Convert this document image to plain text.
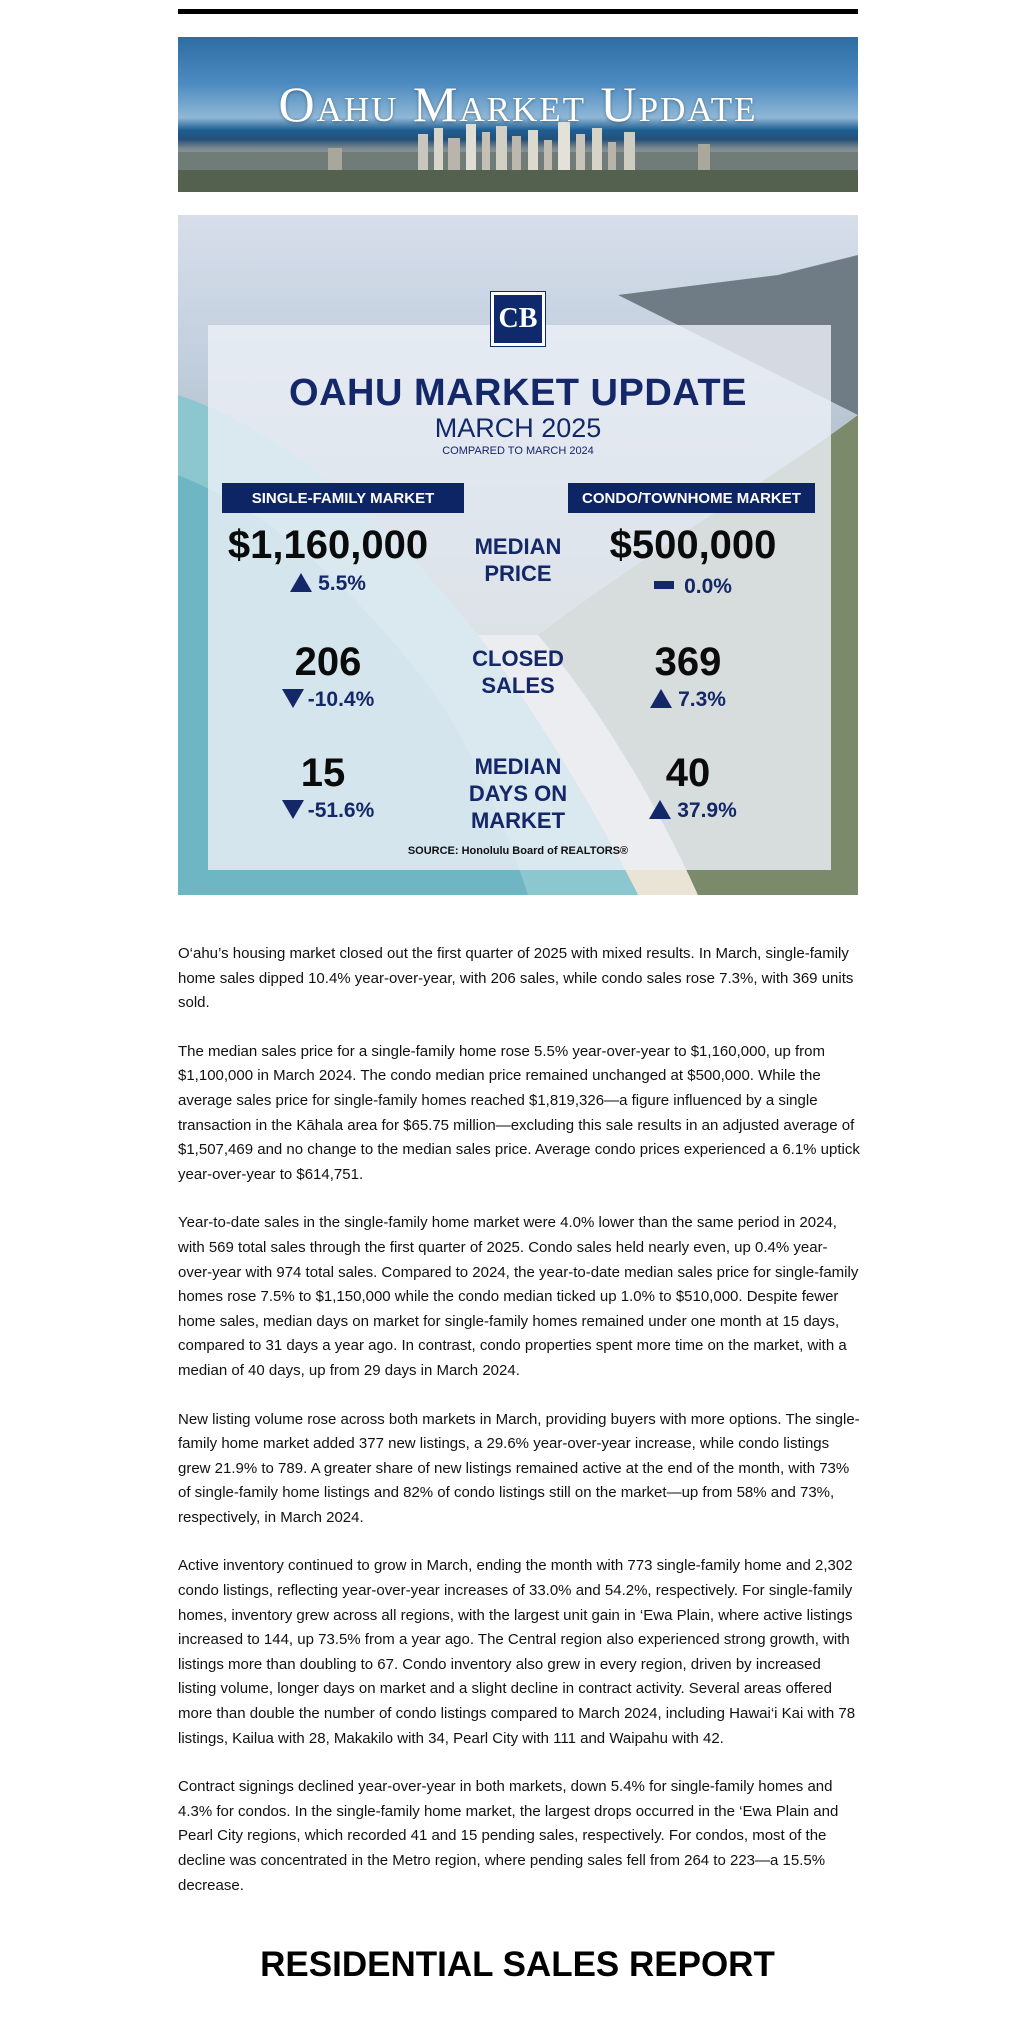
Oahu Market Update
CB
OAHU MARKET UPDATE
MARCH 2025
COMPARED TO MARCH 2024
SINGLE-FAMILY MARKET	CONDO/TOWNHOME MARKET
MEDIAN
PRICE
$1,160,000
5.5%
$500,000
0.0%
CLOSED
SALES
206
-10.4%
369
7.3%
MEDIAN
DAYS ON
MARKET
15
-51.6%
40
37.9%
SOURCE: Honolulu Board of REALTORS®

O‘ahu’s housing market closed out the first quarter of 2025 with mixed results. In March, single-family home sales dipped 10.4% year-over-year, with 206 sales, while condo sales rose 7.3%, with 369 units sold.

The median sales price for a single-family home rose 5.5% year-over-year to $1,160,000, up from $1,100,000 in March 2024. The condo median price remained unchanged at $500,000. While the average sales price for single-family homes reached $1,819,326—a figure influenced by a single transaction in the Kāhala area for $65.75 million—excluding this sale results in an adjusted average of $1,507,469 and no change to the median sales price. Average condo prices experienced a 6.1% uptick year-over-year to $614,751.

Year-to-date sales in the single-family home market were 4.0% lower than the same period in 2024, with 569 total sales through the first quarter of 2025. Condo sales held nearly even, up 0.4% year-over-year with 974 total sales. Compared to 2024, the year-to-date median sales price for single-family homes rose 7.5% to $1,150,000 while the condo median ticked up 1.0% to $510,000. Despite fewer home sales, median days on market for single-family homes remained under one month at 15 days, compared to 31 days a year ago. In contrast, condo properties spent more time on the market, with a median of 40 days, up from 29 days in March 2024.

New listing volume rose across both markets in March, providing buyers with more options. The single-family home market added 377 new listings, a 29.6% year-over-year increase, while condo listings grew 21.9% to 789. A greater share of new listings remained active at the end of the month, with 73% of single-family home listings and 82% of condo listings still on the market—up from 58% and 73%, respectively, in March 2024.

Active inventory continued to grow in March, ending the month with 773 single-family home and 2,302 condo listings, reflecting year-over-year increases of 33.0% and 54.2%, respectively. For single-family homes, inventory grew across all regions, with the largest unit gain in ‘Ewa Plain, where active listings increased to 144, up 73.5% from a year ago. The Central region also experienced strong growth, with listings more than doubling to 67. Condo inventory also grew in every region, driven by increased listing volume, longer days on market and a slight decline in contract activity. Several areas offered more than double the number of condo listings compared to March 2024, including Hawai‘i Kai with 78 listings, Kailua with 28, Makakilo with 34, Pearl City with 111 and Waipahu with 42.

Contract signings declined year-over-year in both markets, down 5.4% for single-family homes and 4.3% for condos. In the single-family home market, the largest drops occurred in the ‘Ewa Plain and Pearl City regions, which recorded 41 and 15 pending sales, respectively. For condos, most of the decline was concentrated in the Metro region, where pending sales fell from 264 to 223—a 15.5% decrease.

RESIDENTIAL SALES REPORT
